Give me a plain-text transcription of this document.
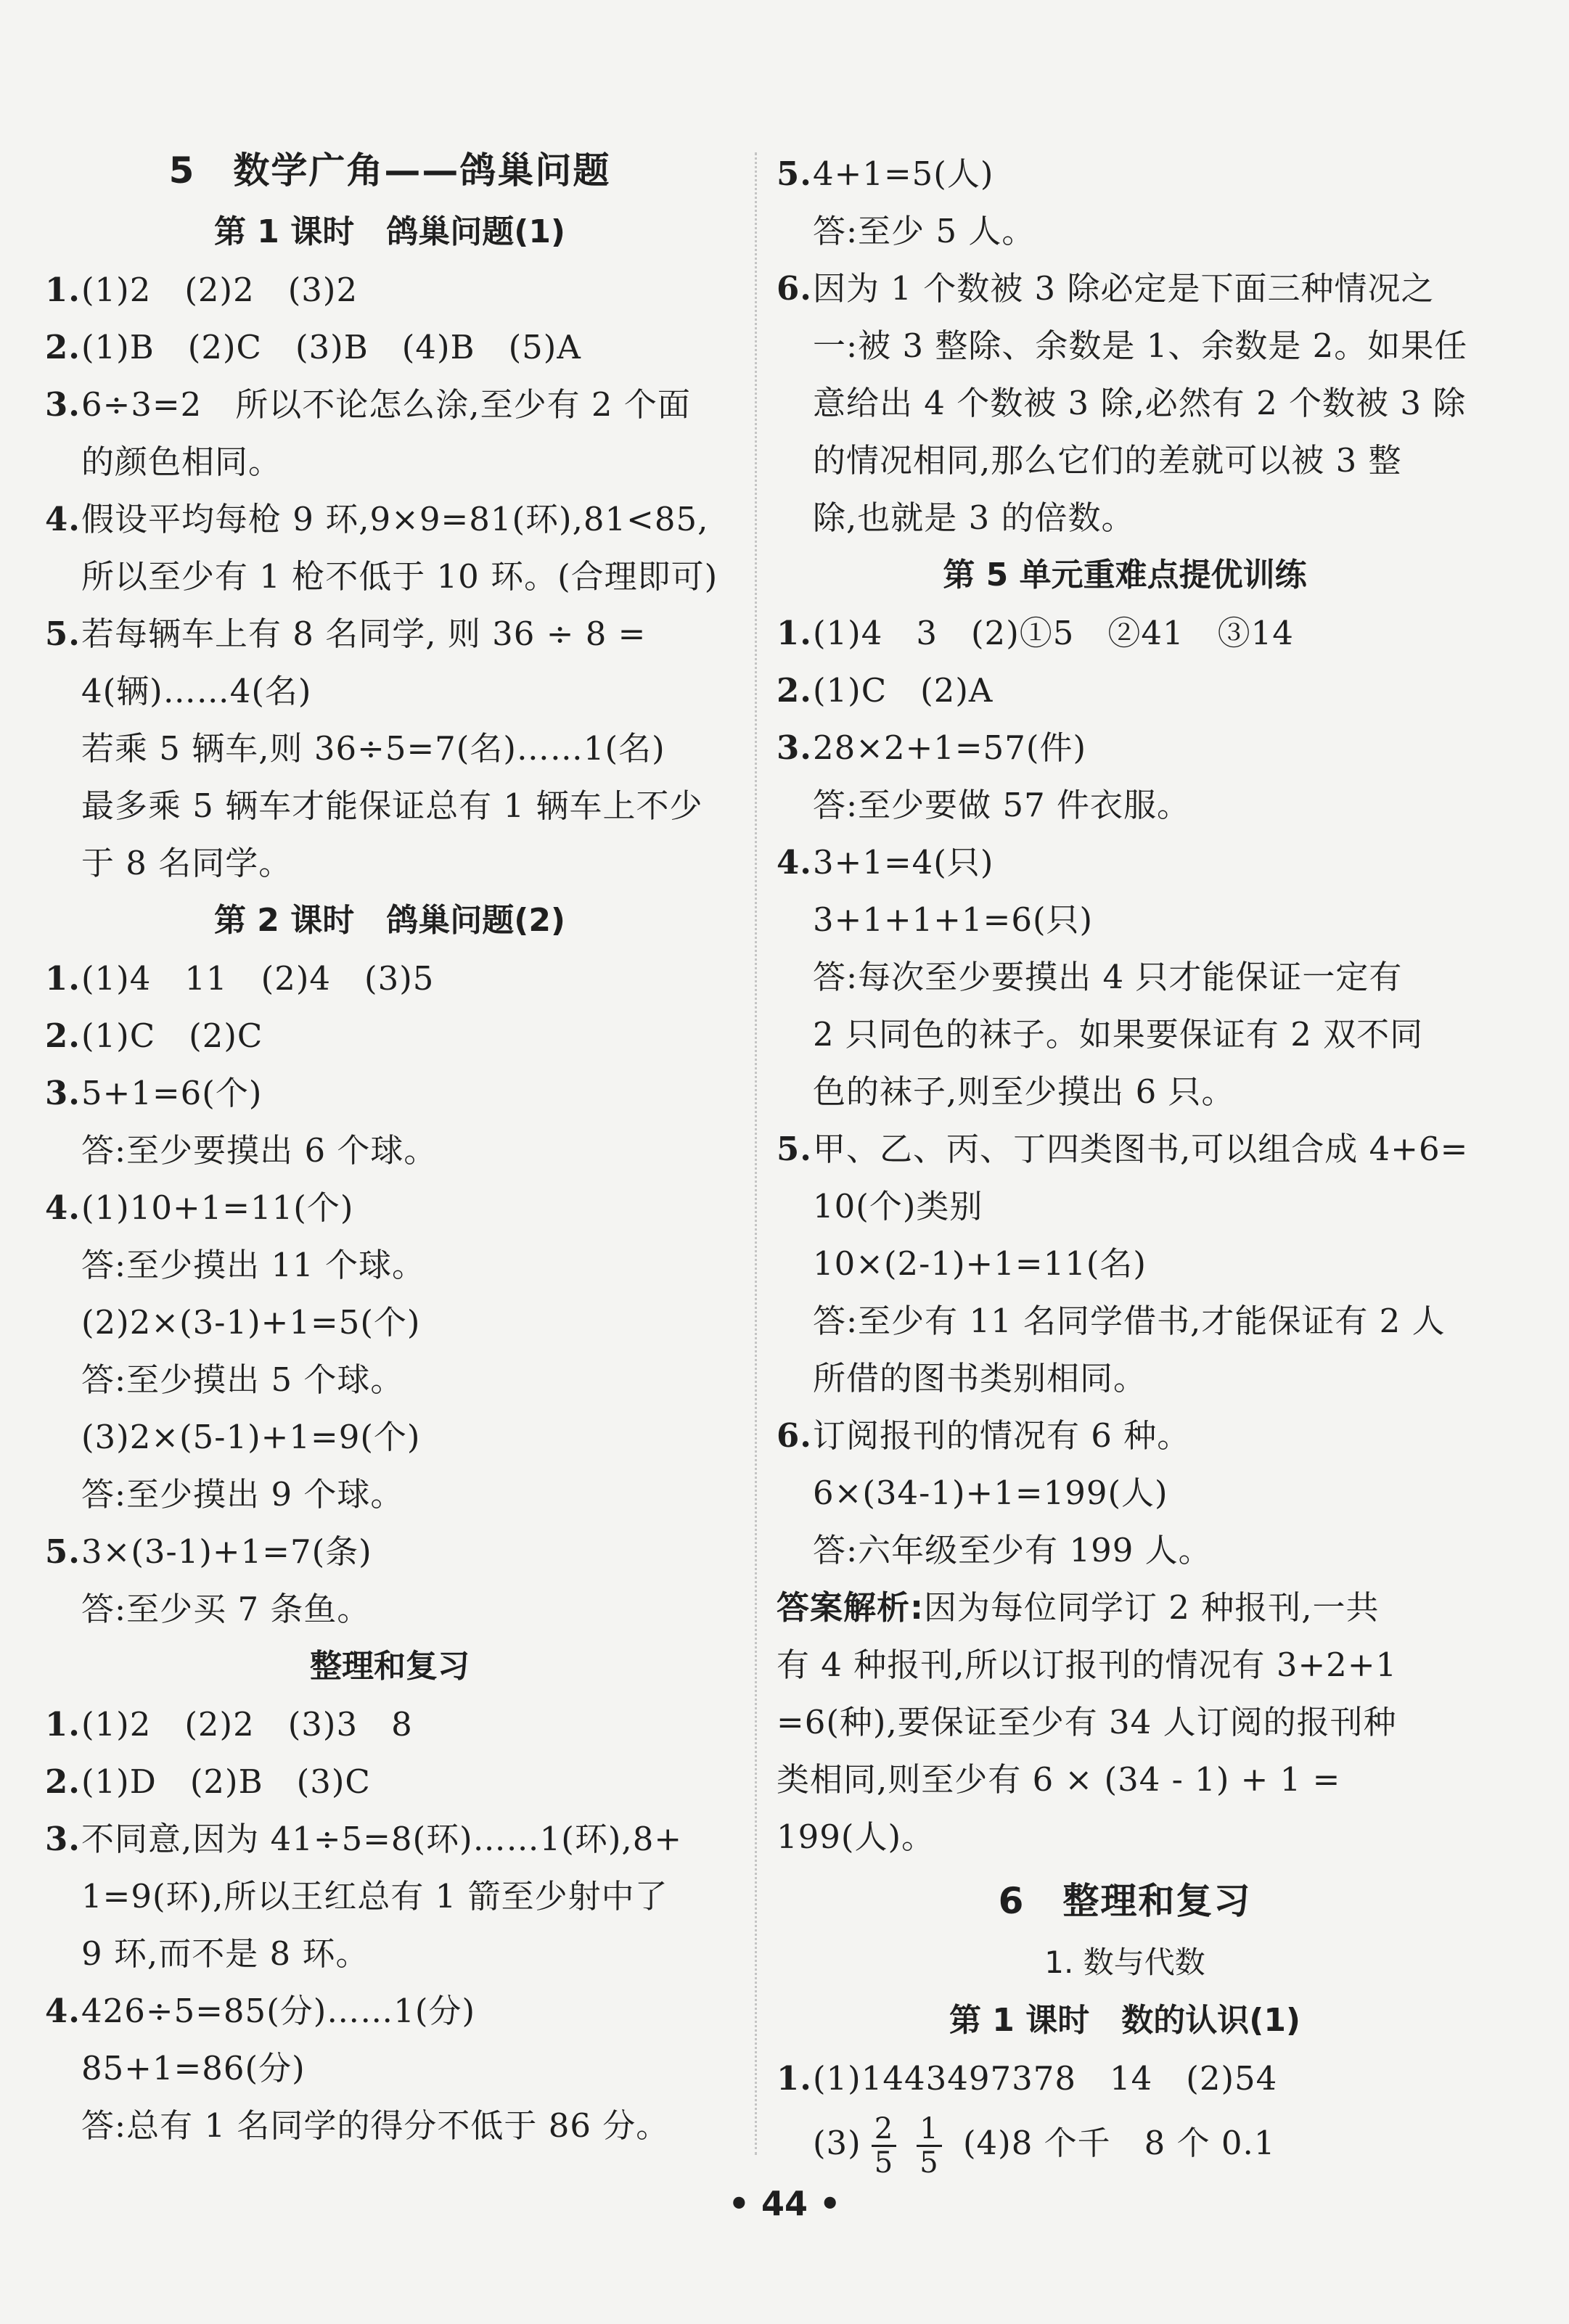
5　数学广角——鸽巢问题
第 1 课时　鸽巢问题(1)
1.(1)2　(2)2　(3)2
2.(1)B　(2)C　(3)B　(4)B　(5)A
3.6÷3=2　所以不论怎么涂,至少有 2 个面
的颜色相同。
4.假设平均每枪 9 环,9×9=81(环),81<85,
所以至少有 1 枪不低于 10 环。(合理即可)
5.若每辆车上有 8 名同学, 则 36 ÷ 8 =
4(辆)……4(名)
若乘 5 辆车,则 36÷5=7(名)……1(名)
最多乘 5 辆车才能保证总有 1 辆车上不少
于 8 名同学。
第 2 课时　鸽巢问题(2)
1.(1)4　11　(2)4　(3)5
2.(1)C　(2)C
3.5+1=6(个)
答:至少要摸出 6 个球。
4.(1)10+1=11(个)
答:至少摸出 11 个球。
(2)2×(3-1)+1=5(个)
答:至少摸出 5 个球。
(3)2×(5-1)+1=9(个)
答:至少摸出 9 个球。
5.3×(3-1)+1=7(条)
答:至少买 7 条鱼。
整理和复习
1.(1)2　(2)2　(3)3　8
2.(1)D　(2)B　(3)C
3.不同意,因为 41÷5=8(环)……1(环),8+
1=9(环),所以王红总有 1 箭至少射中了
9 环,而不是 8 环。
4.426÷5=85(分)……1(分)
85+1=86(分)
答:总有 1 名同学的得分不低于 86 分。
5.4+1=5(人)
答:至少 5 人。
6.因为 1 个数被 3 除必定是下面三种情况之
一:被 3 整除、余数是 1、余数是 2。如果任
意给出 4 个数被 3 除,必然有 2 个数被 3 除
的情况相同,那么它们的差就可以被 3 整
除,也就是 3 的倍数。
第 5 单元重难点提优训练
1.(1)4　3　(2)①5　②41　③14
2.(1)C　(2)A
3.28×2+1=57(件)
答:至少要做 57 件衣服。
4.3+1=4(只)
3+1+1+1=6(只)
答:每次至少要摸出 4 只才能保证一定有
2 只同色的袜子。如果要保证有 2 双不同
色的袜子,则至少摸出 6 只。
5.甲、乙、丙、丁四类图书,可以组合成 4+6=
10(个)类别
10×(2-1)+1=11(名)
答:至少有 11 名同学借书,才能保证有 2 人
所借的图书类别相同。
6.订阅报刊的情况有 6 种。
6×(34-1)+1=199(人)
答:六年级至少有 199 人。
答案解析:因为每位同学订 2 种报刊,一共
有 4 种报刊,所以订报刊的情况有 3+2+1
=6(种),要保证至少有 34 人订阅的报刊种
类相同,则至少有 6 × (34 - 1) + 1 =
199(人)。
6　整理和复习
1. 数与代数
第 1 课时　数的认识(1)
1.(1)1443497378　14　(2)54
$(3) \frac{2}{5} \frac{1}{5} (4)8$ 个千　8 个 0.1
• 44 •
